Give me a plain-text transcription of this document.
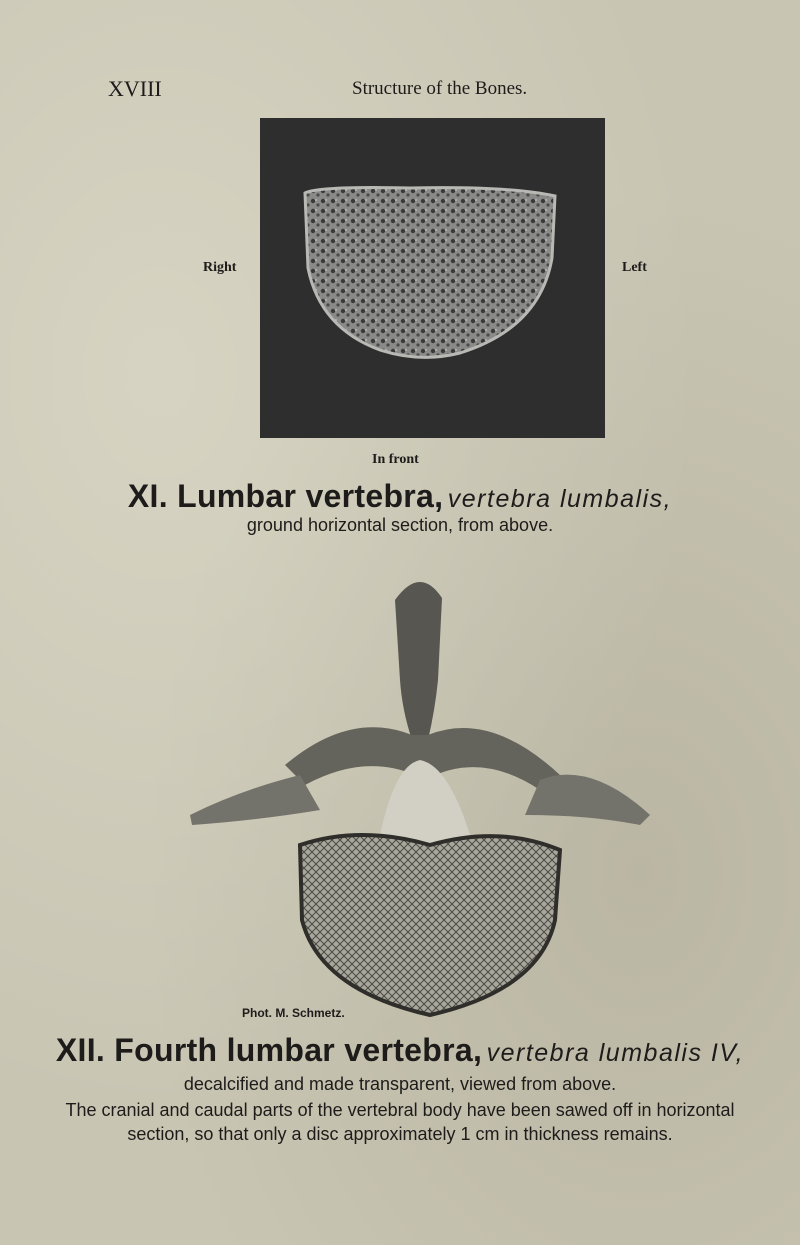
XVIII	Structure of the Bones.
Right	Left
In front
XI. Lumbar vertebra, vertebra lumbalis,
ground horizontal section, from above.
Phot. M. Schmetz.
XII. Fourth lumbar vertebra, vertebra lumbalis IV,
decalcified and made transparent, viewed from above.
The cranial and caudal parts of the vertebral body have been sawed off in horizontal
section, so that only a disc approximately 1 cm in thickness remains.
